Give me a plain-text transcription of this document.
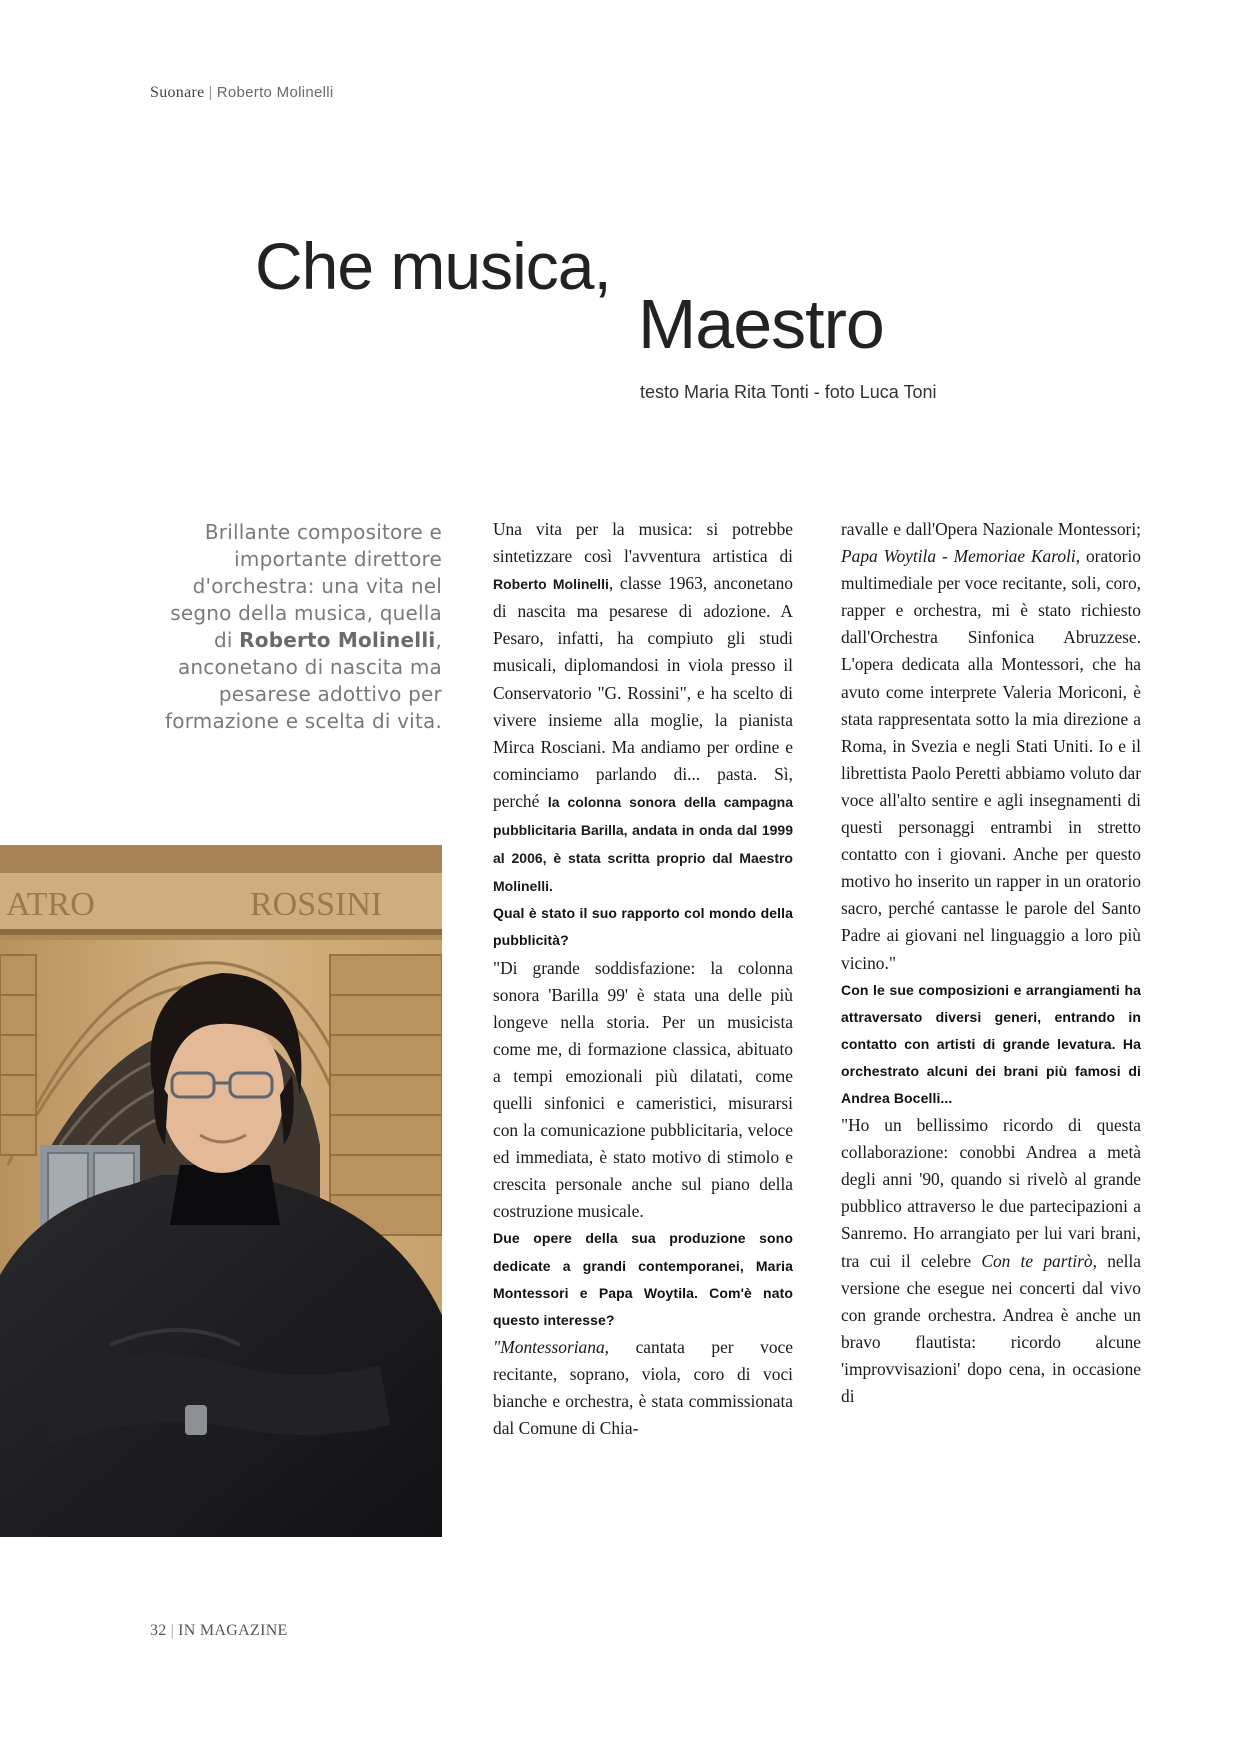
Suonare | Roberto Molinelli
Che musica,
Maestro
testo Maria Rita Tonti - foto Luca Toni
Brillante compositore e importante direttore d'orchestra: una vita nel segno della musica, quella di Roberto Molinelli, anconetano di nascita ma pesarese adottivo per formazione e scelta di vita.
ATRO	ROSSINI

Una vita per la musica: si potrebbe sintetizzare così l'avventura artistica di Roberto Molinelli, classe 1963, anconetano di nascita ma pesarese di adozione. A Pesaro, infatti, ha compiuto gli studi musicali, diplomandosi in viola presso il Conservatorio "G. Rossini", e ha scelto di vivere insieme alla moglie, la pianista Mirca Rosciani. Ma andiamo per ordine e cominciamo parlando di... pasta. Sì, perché la colonna sonora della campagna pubblicitaria Barilla, andata in onda dal 1999 al 2006, è stata scritta proprio dal Maestro Molinelli.

Qual è stato il suo rapporto col mondo della pubblicità?

"Di grande soddisfazione: la colonna sonora 'Barilla 99' è stata una delle più longeve nella storia. Per un musicista come me, di formazione classica, abituato a tempi emozionali più dilatati, come quelli sinfonici e cameristici, misurarsi con la comunicazione pubblicitaria, veloce ed immediata, è stato motivo di stimolo e crescita personale anche sul piano della costruzione musicale.

Due opere della sua produzione sono dedicate a grandi contemporanei, Maria Montessori e Papa Woytila. Com'è nato questo interesse?

"Montessoriana, cantata per voce recitante, soprano, viola, coro di voci bianche e orchestra, è stata commissionata dal Comune di Chia-

ravalle e dall'Opera Nazionale Montessori; Papa Woytila - Memoriae Karoli, oratorio multimediale per voce recitante, soli, coro, rapper e orchestra, mi è stato richiesto dall'Orchestra Sinfonica Abruzzese. L'opera dedicata alla Montessori, che ha avuto come interprete Valeria Moriconi, è stata rappresentata sotto la mia direzione a Roma, in Svezia e negli Stati Uniti. Io e il librettista Paolo Peretti abbiamo voluto dar voce all'alto sentire e agli insegnamenti di questi personaggi entrambi in stretto contatto con i giovani. Anche per questo motivo ho inserito un rapper in un oratorio sacro, perché cantasse le parole del Santo Padre ai giovani nel linguaggio a loro più vicino."

Con le sue composizioni e arrangiamenti ha attraversato diversi generi, entrando in contatto con artisti di grande levatura. Ha orchestrato alcuni dei brani più famosi di Andrea Bocelli...

"Ho un bellissimo ricordo di questa collaborazione: conobbi Andrea a metà degli anni '90, quando si rivelò al grande pubblico attraverso le due partecipazioni a Sanremo. Ho arrangiato per lui vari brani, tra cui il celebre Con te partirò, nella versione che esegue nei concerti dal vivo con grande orchestra. Andrea è anche un bravo flautista: ricordo alcune 'improvvisazioni' dopo cena, in occasione di

32 | IN MAGAZINE
